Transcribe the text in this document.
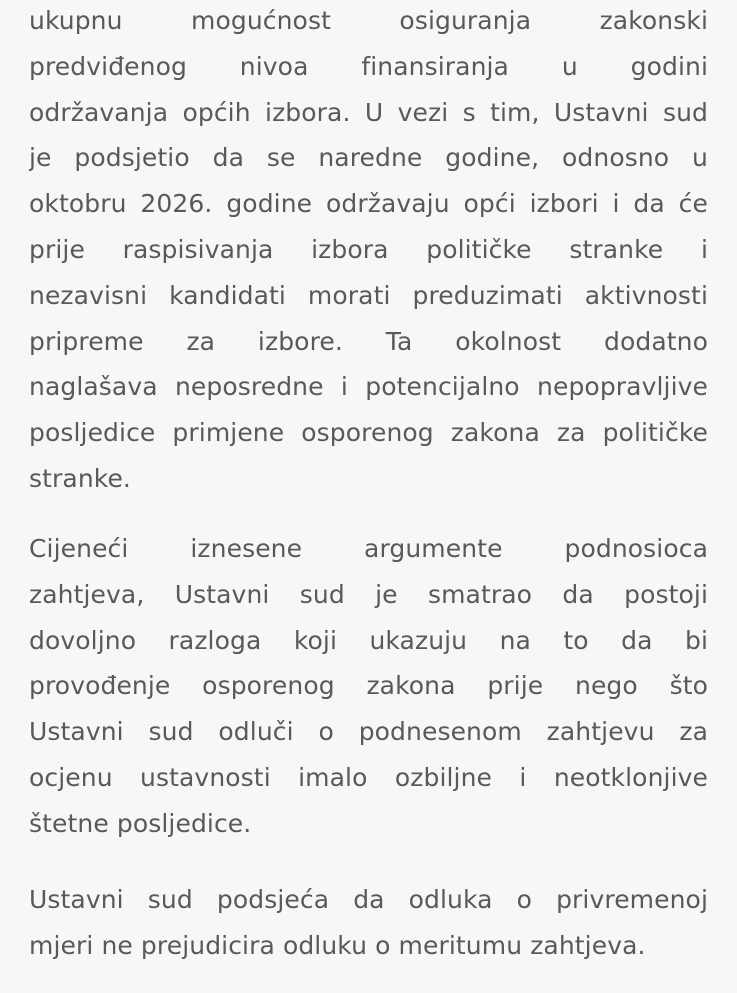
ukupnu mogućnost osiguranja zakonski
predviđenog nivoa finansiranja u godini
održavanja općih izbora. U vezi s tim, Ustavni sud
je podsjetio da se naredne godine, odnosno u
oktobru 2026. godine održavaju opći izbori i da će
prije raspisivanja izbora političke stranke i
nezavisni kandidati morati preduzimati aktivnosti
pripreme za izbore. Ta okolnost dodatno
naglašava neposredne i potencijalno nepopravljive
posljedice primjene osporenog zakona za političke
stranke.
Cijeneći iznesene argumente podnosioca
zahtjeva, Ustavni sud je smatrao da postoji
dovoljno razloga koji ukazuju na to da bi
provođenje osporenog zakona prije nego što
Ustavni sud odluči o podnesenom zahtjevu za
ocjenu ustavnosti imalo ozbiljne i neotklonjive
štetne posljedice.
Ustavni sud podsjeća da odluka o privremenoj
mjeri ne prejudicira odluku o meritumu zahtjeva.
